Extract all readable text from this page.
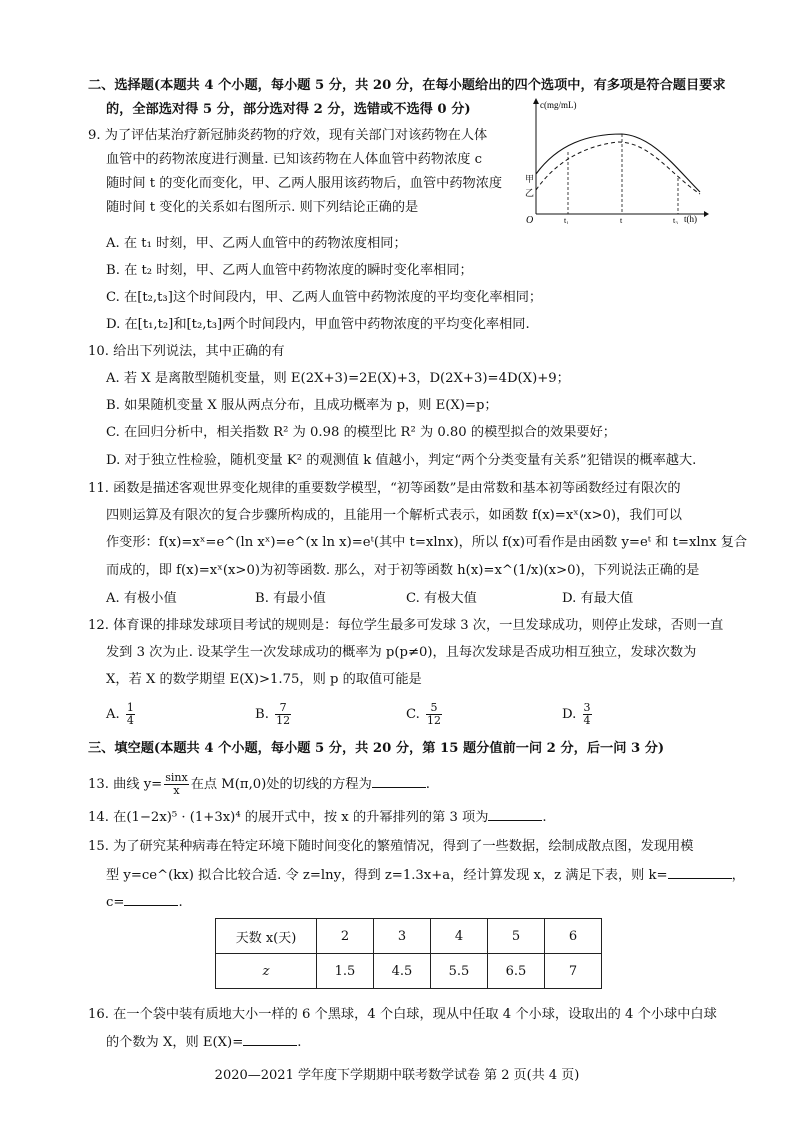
二、选择题(本题共 4 个小题，每小题 5 分，共 20 分，在每小题给出的四个选项中，有多项是符合题目要求
的，全部选对得 5 分，部分选对得 2 分，选错或不选得 0 分)
9. 为了评估某治疗新冠肺炎药物的疗效，现有关部门对该药物在人体
血管中的药物浓度进行测量. 已知该药物在人体血管中药物浓度 c
随时间 t 的变化而变化，甲、乙两人服用该药物后，血管中药物浓度
随时间 t 变化的关系如右图所示. 则下列结论正确的是
c(mg/mL)
t(h)
O	t₁	t	t₃
甲
乙
A. 在 t₁ 时刻，甲、乙两人血管中的药物浓度相同；
B. 在 t₂ 时刻，甲、乙两人血管中药物浓度的瞬时变化率相同；
C. 在[t₂,t₃]这个时间段内，甲、乙两人血管中药物浓度的平均变化率相同；
D. 在[t₁,t₂]和[t₂,t₃]两个时间段内，甲血管中药物浓度的平均变化率相同.
10. 给出下列说法，其中正确的有
A. 若 X 是离散型随机变量，则 E(2X+3)=2E(X)+3，D(2X+3)=4D(X)+9；
B. 如果随机变量 X 服从两点分布，且成功概率为 p，则 E(X)=p；
C. 在回归分析中，相关指数 R² 为 0.98 的模型比 R² 为 0.80 的模型拟合的效果要好；
D. 对于独立性检验，随机变量 K² 的观测值 k 值越小，判定“两个分类变量有关系”犯错误的概率越大.
11. 函数是描述客观世界变化规律的重要数学模型，“初等函数”是由常数和基本初等函数经过有限次的
四则运算及有限次的复合步骤所构成的，且能用一个解析式表示，如函数 f(x)=xˣ(x>0)，我们可以
作变形：f(x)=xˣ=e^(ln xˣ)=e^(x ln x)=eᵗ(其中 t=xlnx)，所以 f(x)可看作是由函数 y=eᵗ 和 t=xlnx 复合
而成的，即 f(x)=xˣ(x>0)为初等函数. 那么，对于初等函数 h(x)=x^(1/x)(x>0)，下列说法正确的是
A. 有极小值	B. 有最小值	C. 有极大值	D. 有最大值
12. 体育课的排球发球项目考试的规则是：每位学生最多可发球 3 次，一旦发球成功，则停止发球，否则一直
发到 3 次为止. 设某学生一次发球成功的概率为 p(p≠0)，且每次发球是否成功相互独立，发球次数为
X，若 X 的数学期望 E(X)>1.75，则 p 的取值可能是
A. $\frac{1}{4}$	B. $\frac{7}{12}$	C. $\frac{5}{12}$	D. $\frac{3}{4}$
三、填空题(本题共 4 个小题，每小题 5 分，共 20 分，第 15 题分值前一问 2 分，后一问 3 分)
13. 曲线 $y= \frac{\sin x}{x}$ 在点 M(π,0)处的切线的方程为	.
14. 在(1−2x)⁵ · (1+3x)⁴ 的展开式中，按 x 的升幂排列的第 3 项为	.
15. 为了研究某种病毒在特定环境下随时间变化的繁殖情况，得到了一些数据，绘制成散点图，发现用模
型 y=ce^(kx) 拟合比较合适. 令 z=lny，得到 z=1.3x+a，经计算发现 x，z 满足下表，则 k=	，
c=	.
天数 x(天)	2	3	4	5	6
z	1.5	4.5	5.5	6.5	7
16. 在一个袋中装有质地大小一样的 6 个黑球，4 个白球，现从中任取 4 个小球，设取出的 4 个小球中白球
的个数为 X，则 E(X)=	.
2020—2021 学年度下学期期中联考数学试卷 第 2 页(共 4 页)
